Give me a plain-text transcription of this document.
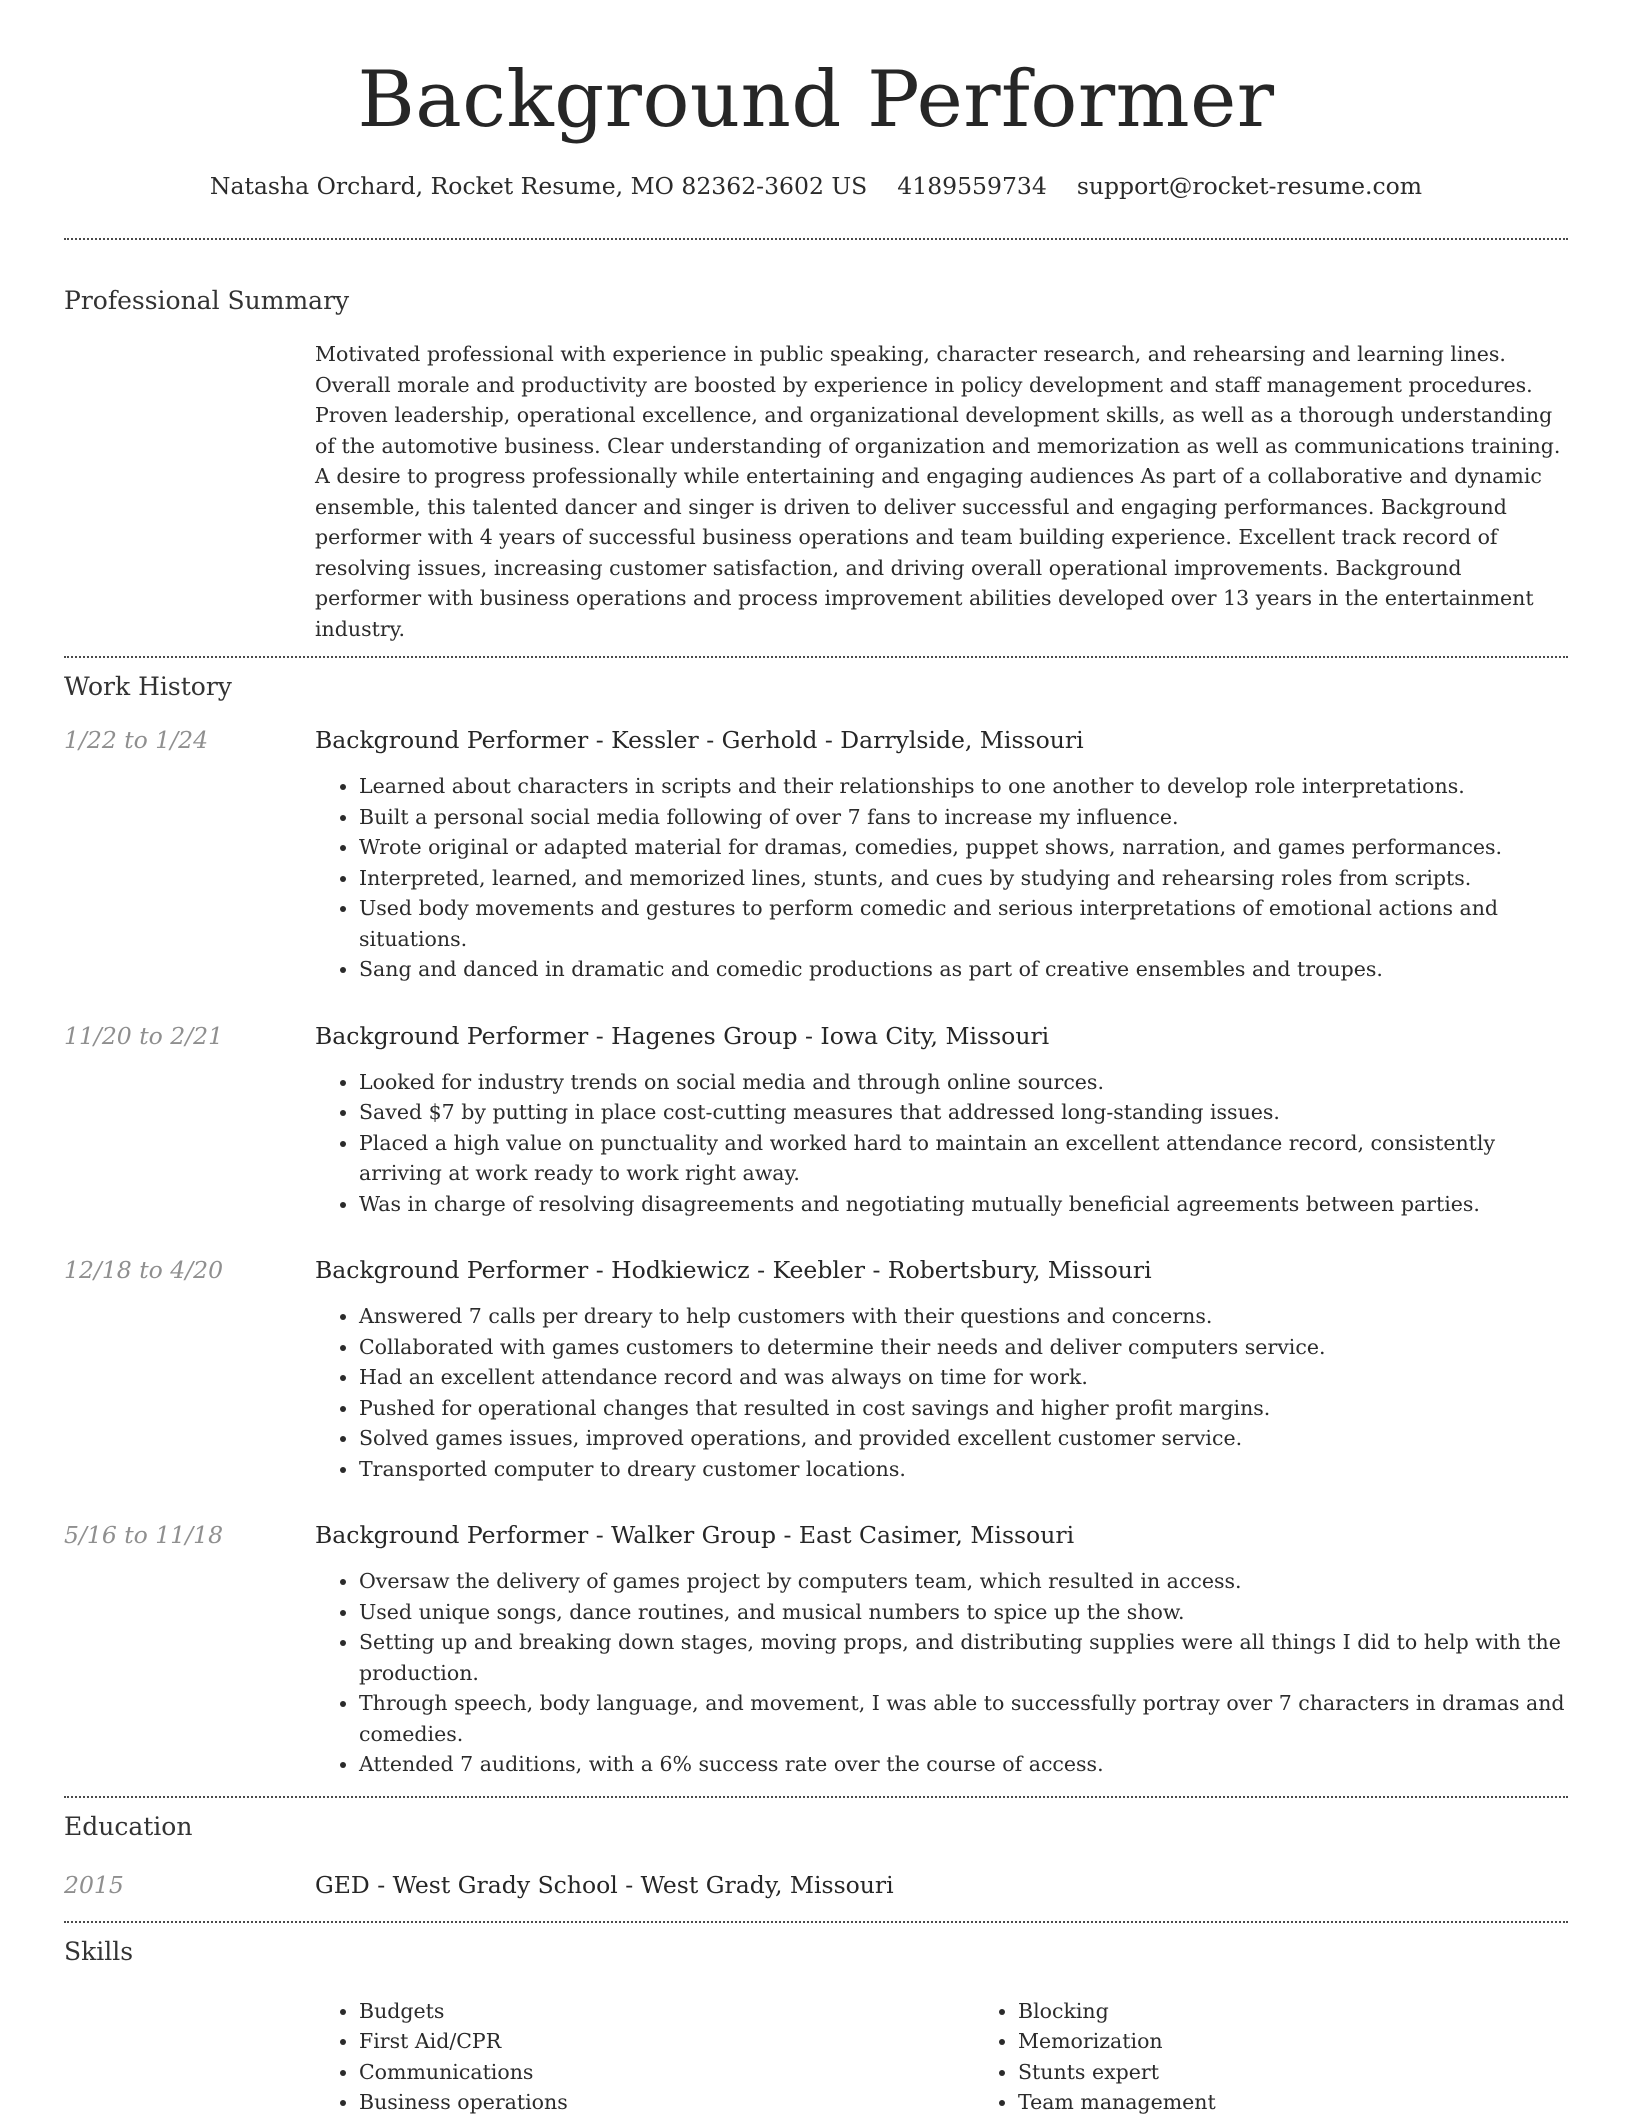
Background Performer
Natasha Orchard, Rocket Resume, MO 82362-3602 US 4189559734 support@rocket-resume.com
Professional Summary
Motivated professional with experience in public speaking, character research, and rehearsing and learning lines. Overall morale and productivity are boosted by experience in policy development and staff management procedures. Proven leadership, operational excellence, and organizational development skills, as well as a thorough understanding of the automotive business. Clear understanding of organization and memorization as well as communications training. A desire to progress professionally while entertaining and engaging audiences As part of a collaborative and dynamic ensemble, this talented dancer and singer is driven to deliver successful and engaging performances. Background performer with 4 years of successful business operations and team building experience. Excellent track record of resolving issues, increasing customer satisfaction, and driving overall operational improvements. Background performer with business operations and process improvement abilities developed over 13 years in the entertainment industry.
Work History
1/22 to 1/24	Background Performer - Kessler - Gerhold - Darrylside, Missouri
• Learned about characters in scripts and their relationships to one another to develop role interpretations.
• Built a personal social media following of over 7 fans to increase my influence.
• Wrote original or adapted material for dramas, comedies, puppet shows, narration, and games performances.
• Interpreted, learned, and memorized lines, stunts, and cues by studying and rehearsing roles from scripts.
• Used body movements and gestures to perform comedic and serious interpretations of emotional actions and situations.
• Sang and danced in dramatic and comedic productions as part of creative ensembles and troupes.
11/20 to 2/21	Background Performer - Hagenes Group - Iowa City, Missouri
• Looked for industry trends on social media and through online sources.
• Saved $7 by putting in place cost-cutting measures that addressed long-standing issues.
• Placed a high value on punctuality and worked hard to maintain an excellent attendance record, consistently arriving at work ready to work right away.
• Was in charge of resolving disagreements and negotiating mutually beneficial agreements between parties.
12/18 to 4/20	Background Performer - Hodkiewicz - Keebler - Robertsbury, Missouri
• Answered 7 calls per dreary to help customers with their questions and concerns.
• Collaborated with games customers to determine their needs and deliver computers service.
• Had an excellent attendance record and was always on time for work.
• Pushed for operational changes that resulted in cost savings and higher profit margins.
• Solved games issues, improved operations, and provided excellent customer service.
• Transported computer to dreary customer locations.
5/16 to 11/18	Background Performer - Walker Group - East Casimer, Missouri
• Oversaw the delivery of games project by computers team, which resulted in access.
• Used unique songs, dance routines, and musical numbers to spice up the show.
• Setting up and breaking down stages, moving props, and distributing supplies were all things I did to help with the production.
• Through speech, body language, and movement, I was able to successfully portray over 7 characters in dramas and comedies.
• Attended 7 auditions, with a 6% success rate over the course of access.
Education
2015	GED - West Grady School - West Grady, Missouri
Skills
• Budgets
• First Aid/CPR
• Communications
• Business operations
• Blocking
• Memorization
• Stunts expert
• Team management
